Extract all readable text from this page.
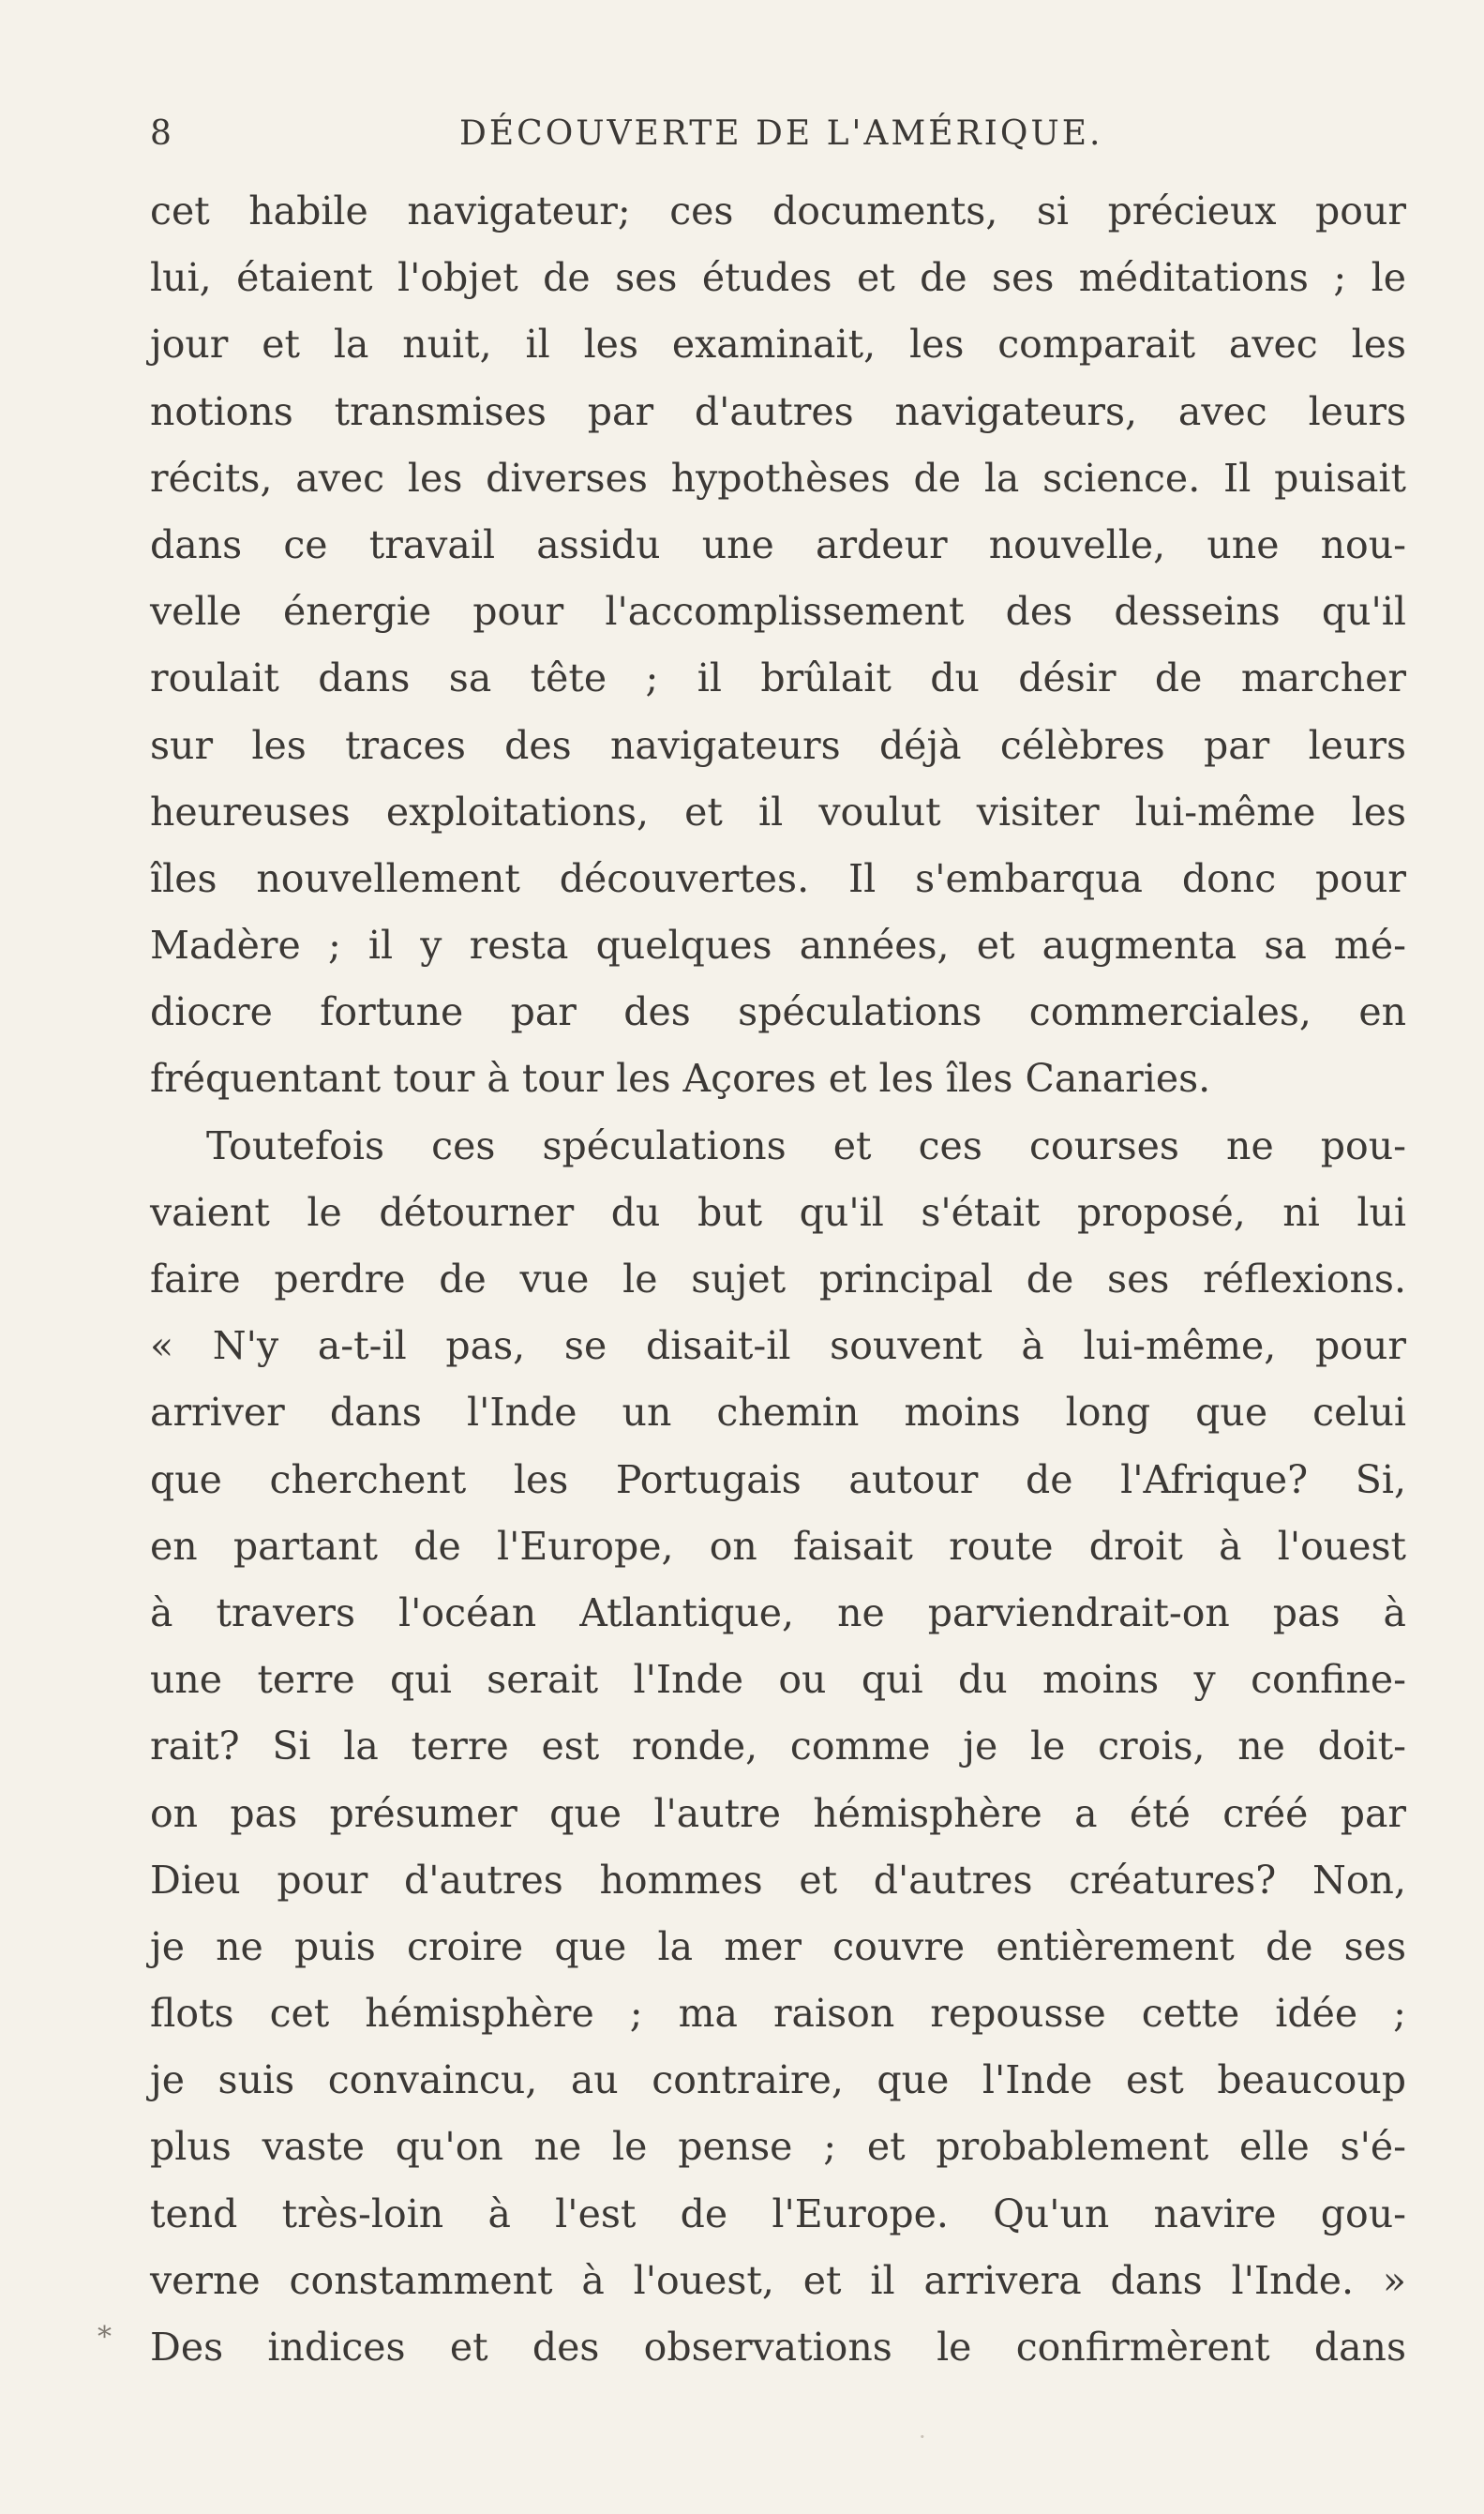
8	DÉCOUVERTE DE L'AMÉRIQUE.
cet habile navigateur; ces documents, si précieux pour
lui, étaient l'objet de ses études et de ses méditations ; le
jour et la nuit, il les examinait, les comparait avec les
notions transmises par d'autres navigateurs, avec leurs
récits, avec les diverses hypothèses de la science. Il puisait
dans ce travail assidu une ardeur nouvelle, une nou-
velle énergie pour l'accomplissement des desseins qu'il
roulait dans sa tête ; il brûlait du désir de marcher
sur les traces des navigateurs déjà célèbres par leurs
heureuses exploitations, et il voulut visiter lui-même les
îles nouvellement découvertes. Il s'embarqua donc pour
Madère ; il y resta quelques années, et augmenta sa mé-
diocre fortune par des spéculations commerciales, en
fréquentant tour à tour les Açores et les îles Canaries.
Toutefois ces spéculations et ces courses ne pou-
vaient le détourner du but qu'il s'était proposé, ni lui
faire perdre de vue le sujet principal de ses réflexions.
« N'y a-t-il pas, se disait-il souvent à lui-même, pour
arriver dans l'Inde un chemin moins long que celui
que cherchent les Portugais autour de l'Afrique? Si,
en partant de l'Europe, on faisait route droit à l'ouest
à travers l'océan Atlantique, ne parviendrait-on pas à
une terre qui serait l'Inde ou qui du moins y confine-
rait? Si la terre est ronde, comme je le crois, ne doit-
on pas présumer que l'autre hémisphère a été créé par
Dieu pour d'autres hommes et d'autres créatures? Non,
je ne puis croire que la mer couvre entièrement de ses
flots cet hémisphère ; ma raison repousse cette idée ;
je suis convaincu, au contraire, que l'Inde est beaucoup
plus vaste qu'on ne le pense ; et probablement elle s'é-
tend très-loin à l'est de l'Europe. Qu'un navire gou-
verne constamment à l'ouest, et il arrivera dans l'Inde. »
Des indices et des observations le confirmèrent dans
*
·
